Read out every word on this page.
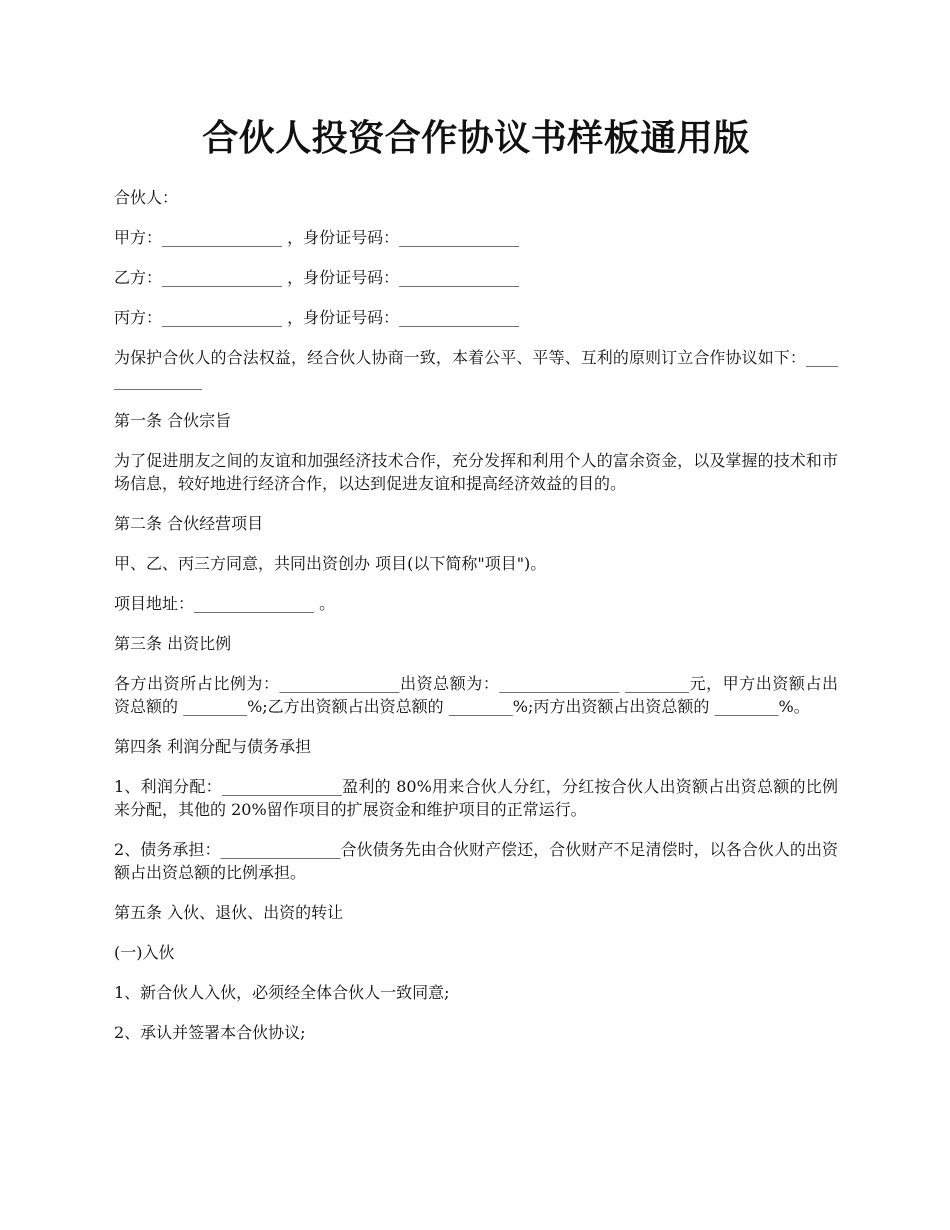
合伙人投资合作协议书样板通用版

合伙人：

甲方：_______________ ，身份证号码：_______________

乙方：_______________ ，身份证号码：_______________

丙方：_______________ ，身份证号码：_______________

为保护合伙人的合法权益，经合伙人协商一致，本着公平、平等、互利的原则订立合作协议如下：_______________

第一条 合伙宗旨

为了促进朋友之间的友谊和加强经济技术合作，充分发挥和利用个人的富余资金，以及掌握的技术和市场信息，较好地进行经济合作，以达到促进友谊和提高经济效益的目的。

第二条 合伙经营项目

甲、乙、丙三方同意，共同出资创办 项目(以下简称"项目")。

项目地址：_______________ 。

第三条 出资比例

各方出资所占比例为：_______________出资总额为：_______________ ________元，甲方出资额占出资总额的 ________%;乙方出资额占出资总额的 ________%;丙方出资额占出资总额的 ________%。

第四条 利润分配与债务承担

1、利润分配：_______________盈利的 80%用来合伙人分红，分红按合伙人出资额占出资总额的比例来分配，其他的 20%留作项目的扩展资金和维护项目的正常运行。

2、债务承担：_______________合伙债务先由合伙财产偿还，合伙财产不足清偿时，以各合伙人的出资额占出资总额的比例承担。

第五条 入伙、退伙、出资的转让

(一)入伙

1、新合伙人入伙，必须经全体合伙人一致同意;

2、承认并签署本合伙协议;
